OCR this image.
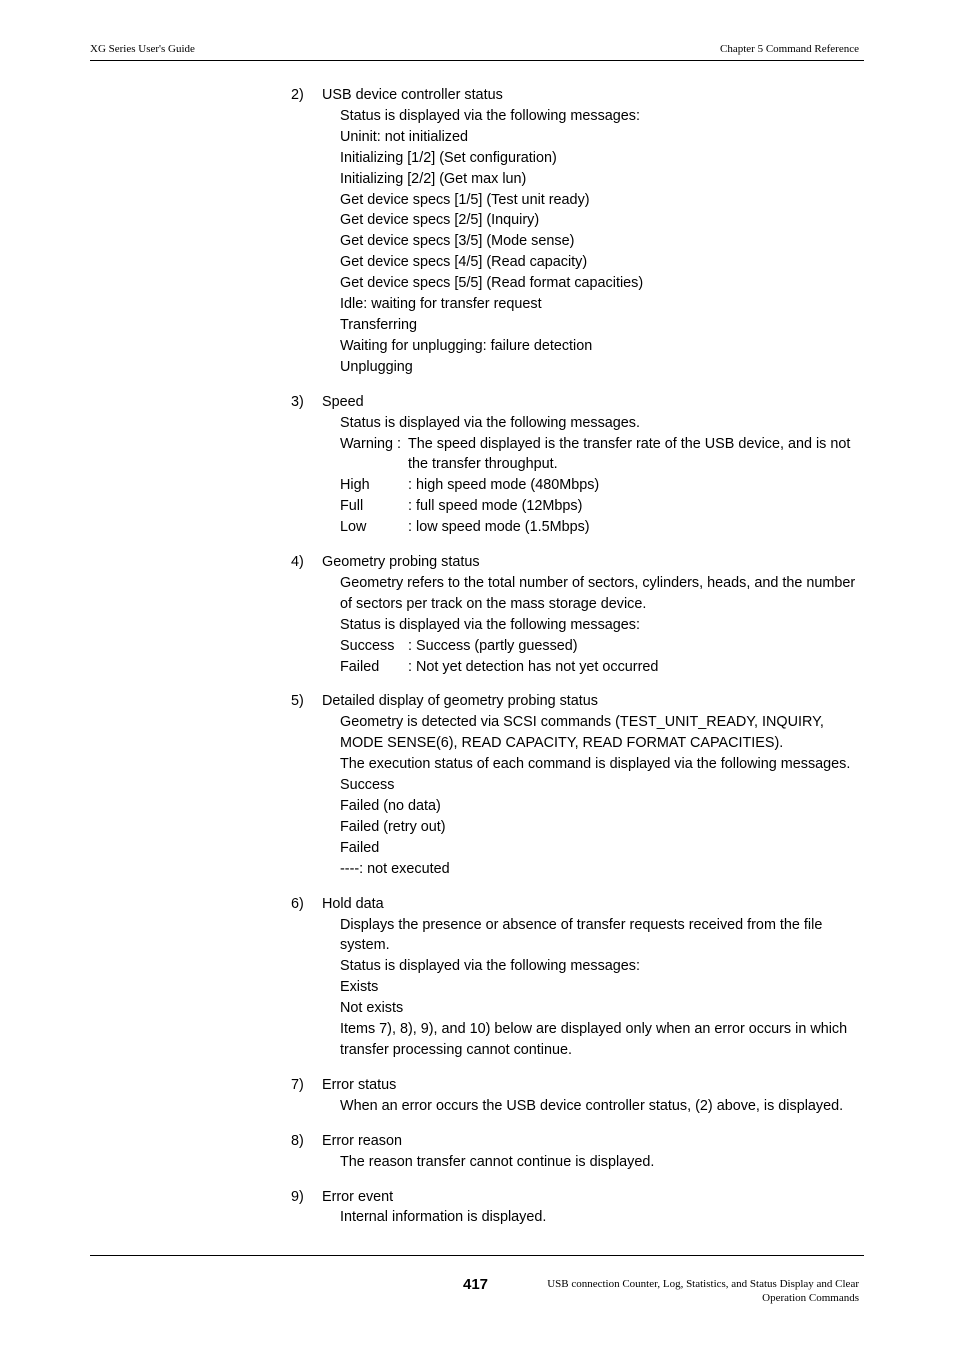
XG Series User's Guide	Chapter 5 Command Reference
2)	USB device controller status
Status is displayed via the following messages:
Uninit: not initialized
Initializing [1/2] (Set configuration)
Initializing [2/2] (Get max lun)
Get device specs [1/5] (Test unit ready)
Get device specs [2/5] (Inquiry)
Get device specs [3/5] (Mode sense)
Get device specs [4/5] (Read capacity)
Get device specs [5/5] (Read format capacities)
Idle: waiting for transfer request
Transferring
Waiting for unplugging: failure detection
Unplugging
3)	Speed
Status is displayed via the following messages.
Warning : The speed displayed is the transfer rate of the USB device, and is not the transfer throughput.
High	: high speed mode (480Mbps)
Full	: full speed mode (12Mbps)
Low	: low speed mode (1.5Mbps)
4)	Geometry probing status
Geometry refers to the total number of sectors, cylinders, heads, and the number of sectors per track on the mass storage device.
Status is displayed via the following messages:
Success : Success (partly guessed)
Failed	: Not yet detection has not yet occurred
5)	Detailed display of geometry probing status
Geometry is detected via SCSI commands (TEST_UNIT_READY, INQUIRY, MODE SENSE(6), READ CAPACITY, READ FORMAT CAPACITIES).
The execution status of each command is displayed via the following messages.
Success
Failed (no data)
Failed (retry out)
Failed
----: not executed
6)	Hold data
Displays the presence or absence of transfer requests received from the file system.
Status is displayed via the following messages:
Exists
Not exists
Items 7), 8), 9), and 10) below are displayed only when an error occurs in which transfer processing cannot continue.
7)	Error status
When an error occurs the USB device controller status, (2) above, is displayed.
8)	Error reason
The reason transfer cannot continue is displayed.
9)	Error event
Internal information is displayed.
417	USB connection Counter, Log, Statistics, and Status Display and Clear
Operation Commands
